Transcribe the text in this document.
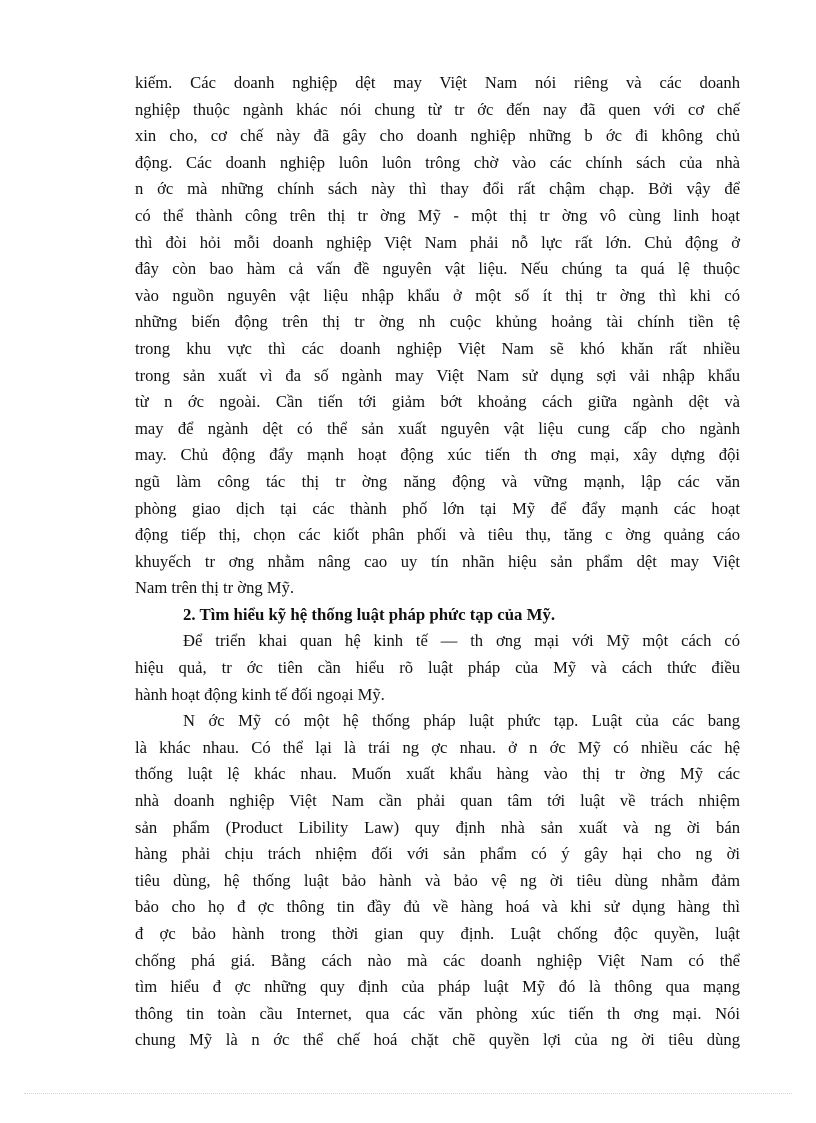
kiếm. Các doanh nghiệp dệt may Việt Nam nói riêng và các doanh
nghiệp thuộc ngành khác nói chung từ tr ớc đến nay đã quen với cơ chế
xin cho, cơ chế này đã gây cho doanh nghiệp những b ớc đi không chủ
động. Các doanh nghiệp luôn luôn trông chờ vào các chính sách của nhà
n ớc mà những chính sách này thì thay đổi rất chậm chạp. Bởi vậy để
có thể thành công trên thị tr ờng Mỹ - một thị tr ờng vô cùng linh hoạt
thì đòi hỏi mỗi doanh nghiệp Việt Nam phải nỗ lực rất lớn. Chủ động ở
đây còn bao hàm cả vấn đề nguyên vật liệu. Nếu chúng ta quá lệ thuộc
vào nguồn nguyên vật liệu nhập khẩu ở một số ít thị tr ờng thì khi có
những biến động trên thị tr ờng nh cuộc khủng hoảng tài chính tiền tệ
trong khu vực thì các doanh nghiệp Việt Nam sẽ khó khăn rất nhiều
trong sản xuất vì đa số ngành may Việt Nam sử dụng sợi vải nhập khẩu
từ n ớc ngoài. Cần tiến tới giảm bớt khoảng cách giữa ngành dệt và
may để ngành dệt có thể sản xuất nguyên vật liệu cung cấp cho ngành
may. Chủ động đẩy mạnh hoạt động xúc tiến th ơng mại, xây dựng đội
ngũ làm công tác thị tr ờng năng động và vững mạnh, lập các văn
phòng giao dịch tại các thành phố lớn tại Mỹ để đẩy mạnh các hoạt
động tiếp thị, chọn các kiốt phân phối và tiêu thụ, tăng c ờng quảng cáo
khuyếch tr ơng nhằm nâng cao uy tín nhãn hiệu sản phẩm dệt may Việt
Nam trên thị tr ờng Mỹ.

2. Tìm hiểu kỹ hệ thống luật pháp phức tạp của Mỹ.

Để triển khai quan hệ kinh tế — th ơng mại với Mỹ một cách có
hiệu quả, tr ớc tiên cần hiểu rõ luật pháp của Mỹ và cách thức điều
hành hoạt động kinh tế đối ngoại Mỹ.

N ớc Mỹ có một hệ thống pháp luật phức tạp. Luật của các bang
là khác nhau. Có thể lại là trái ng ợc nhau. ở n ớc Mỹ có nhiều các hệ
thống luật lệ khác nhau. Muốn xuất khẩu hàng vào thị tr ờng Mỹ các
nhà doanh nghiệp Việt Nam cần phải quan tâm tới luật về trách nhiệm
sản phẩm (Product Libility Law) quy định nhà sản xuất và ng ời bán
hàng phải chịu trách nhiệm đối với sản phẩm có ý gây hại cho ng ời
tiêu dùng, hệ thống luật bảo hành và bảo vệ ng ời tiêu dùng nhằm đảm
bảo cho họ đ ợc thông tin đầy đủ về hàng hoá và khi sử dụng hàng thì
đ ợc bảo hành trong thời gian quy định. Luật chống độc quyền, luật
chống phá giá. Bằng cách nào mà các doanh nghiệp Việt Nam có thể
tìm hiểu đ ợc những quy định của pháp luật Mỹ đó là thông qua mạng
thông tin toàn cầu Internet, qua các văn phòng xúc tiến th ơng mại. Nói
chung Mỹ là n ớc thể chế hoá chặt chẽ quyền lợi của ng ời tiêu dùng
